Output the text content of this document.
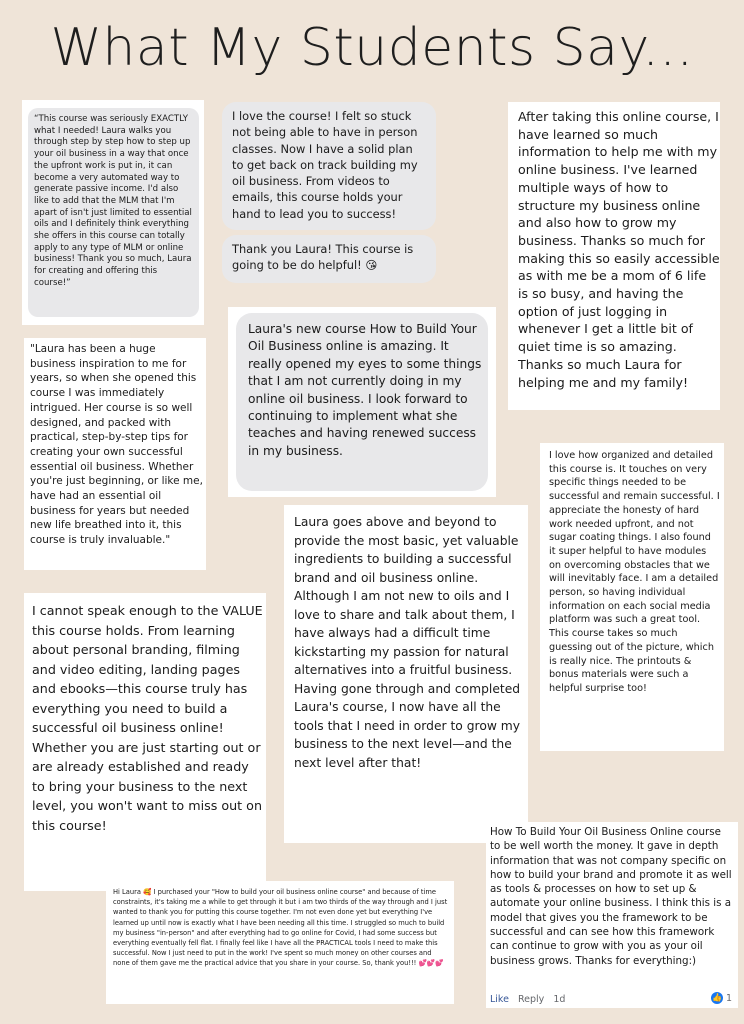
What My Students Say...

“This course was seriously EXACTLY what I needed! Laura walks you through step by step how to step up your oil business in a way that once the upfront work is put in, it can become a very automated way to generate passive income. I'd also like to add that the MLM that I'm apart of isn't just limited to essential oils and I definitely think everything she offers in this course can totally apply to any type of MLM or online business! Thank you so much, Laura for creating and offering this course!”

I love the course! I felt so stuck not being able to have in person classes. Now I have a solid plan to get back on track building my oil business. From videos to emails, this course holds your hand to lead you to success!

Thank you Laura! This course is going to be do helpful! 😘

After taking this online course, I have learned so much information to help me with my online business. I've learned multiple ways of how to structure my business online and also how to grow my business. Thanks so much for making this so easily accessible as with me be a mom of 6 life is so busy, and having the option of just logging in whenever I get a little bit of quiet time is so amazing. Thanks so much Laura for helping me and my family!

Laura's new course How to Build Your Oil Business online is amazing. It really opened my eyes to some things that I am not currently doing in my online oil business. I look forward to continuing to implement what she teaches and having renewed success in my business.

"Laura has been a huge business inspiration to me for years, so when she opened this course I was immediately intrigued. Her course is so well designed, and packed with practical, step-by-step tips for creating your own successful essential oil business. Whether you're just beginning, or like me, have had an essential oil business for years but needed new life breathed into it, this course is truly invaluable."

I love how organized and detailed this course is. It touches on very specific things needed to be successful and remain successful. I appreciate the honesty of hard work needed upfront, and not sugar coating things. I also found it super helpful to have modules on overcoming obstacles that we will inevitably face. I am a detailed person, so having individual information on each social media platform was such a great tool. This course takes so much guessing out of the picture, which is really nice. The printouts & bonus materials were such a helpful surprise too!

Laura goes above and beyond to provide the most basic, yet valuable ingredients to building a successful brand and oil business online. Although I am not new to oils and I love to share and talk about them, I have always had a difficult time kickstarting my passion for natural alternatives into a fruitful business. Having gone through and completed Laura's course, I now have all the tools that I need in order to grow my business to the next level—and the next level after that!

I cannot speak enough to the VALUE this course holds. From learning about personal branding, filming and video editing, landing pages and ebooks—this course truly has everything you need to build a successful oil business online! Whether you are just starting out or are already established and ready to bring your business to the next level, you won't want to miss out on this course!

Hi Laura 🥰 I purchased your "How to build your oil business online course" and because of time constraints, it's taking me a while to get through it but i am two thirds of the way through and I just wanted to thank you for putting this course together. I'm not even done yet but everything I've learned up until now is exactly what I have been needing all this time. I struggled so much to build my business "in-person" and after everything had to go online for Covid, I had some success but everything eventually fell flat. I finally feel like I have all the PRACTICAL tools I need to make this successful. Now I just need to put in the work! I've spent so much money on other courses and none of them gave me the practical advice that you share in your course. So, thank you!!! 💕💕💕

How To Build Your Oil Business Online course to be well worth the money. It gave in depth information that was not company specific on how to build your brand and promote it as well as tools & processes on how to set up & automate your online business. I think this is a model that gives you the framework to be successful and can see how this framework can continue to grow with you as your oil business grows. Thanks for everything:)

Like Reply 1d	👍 1
